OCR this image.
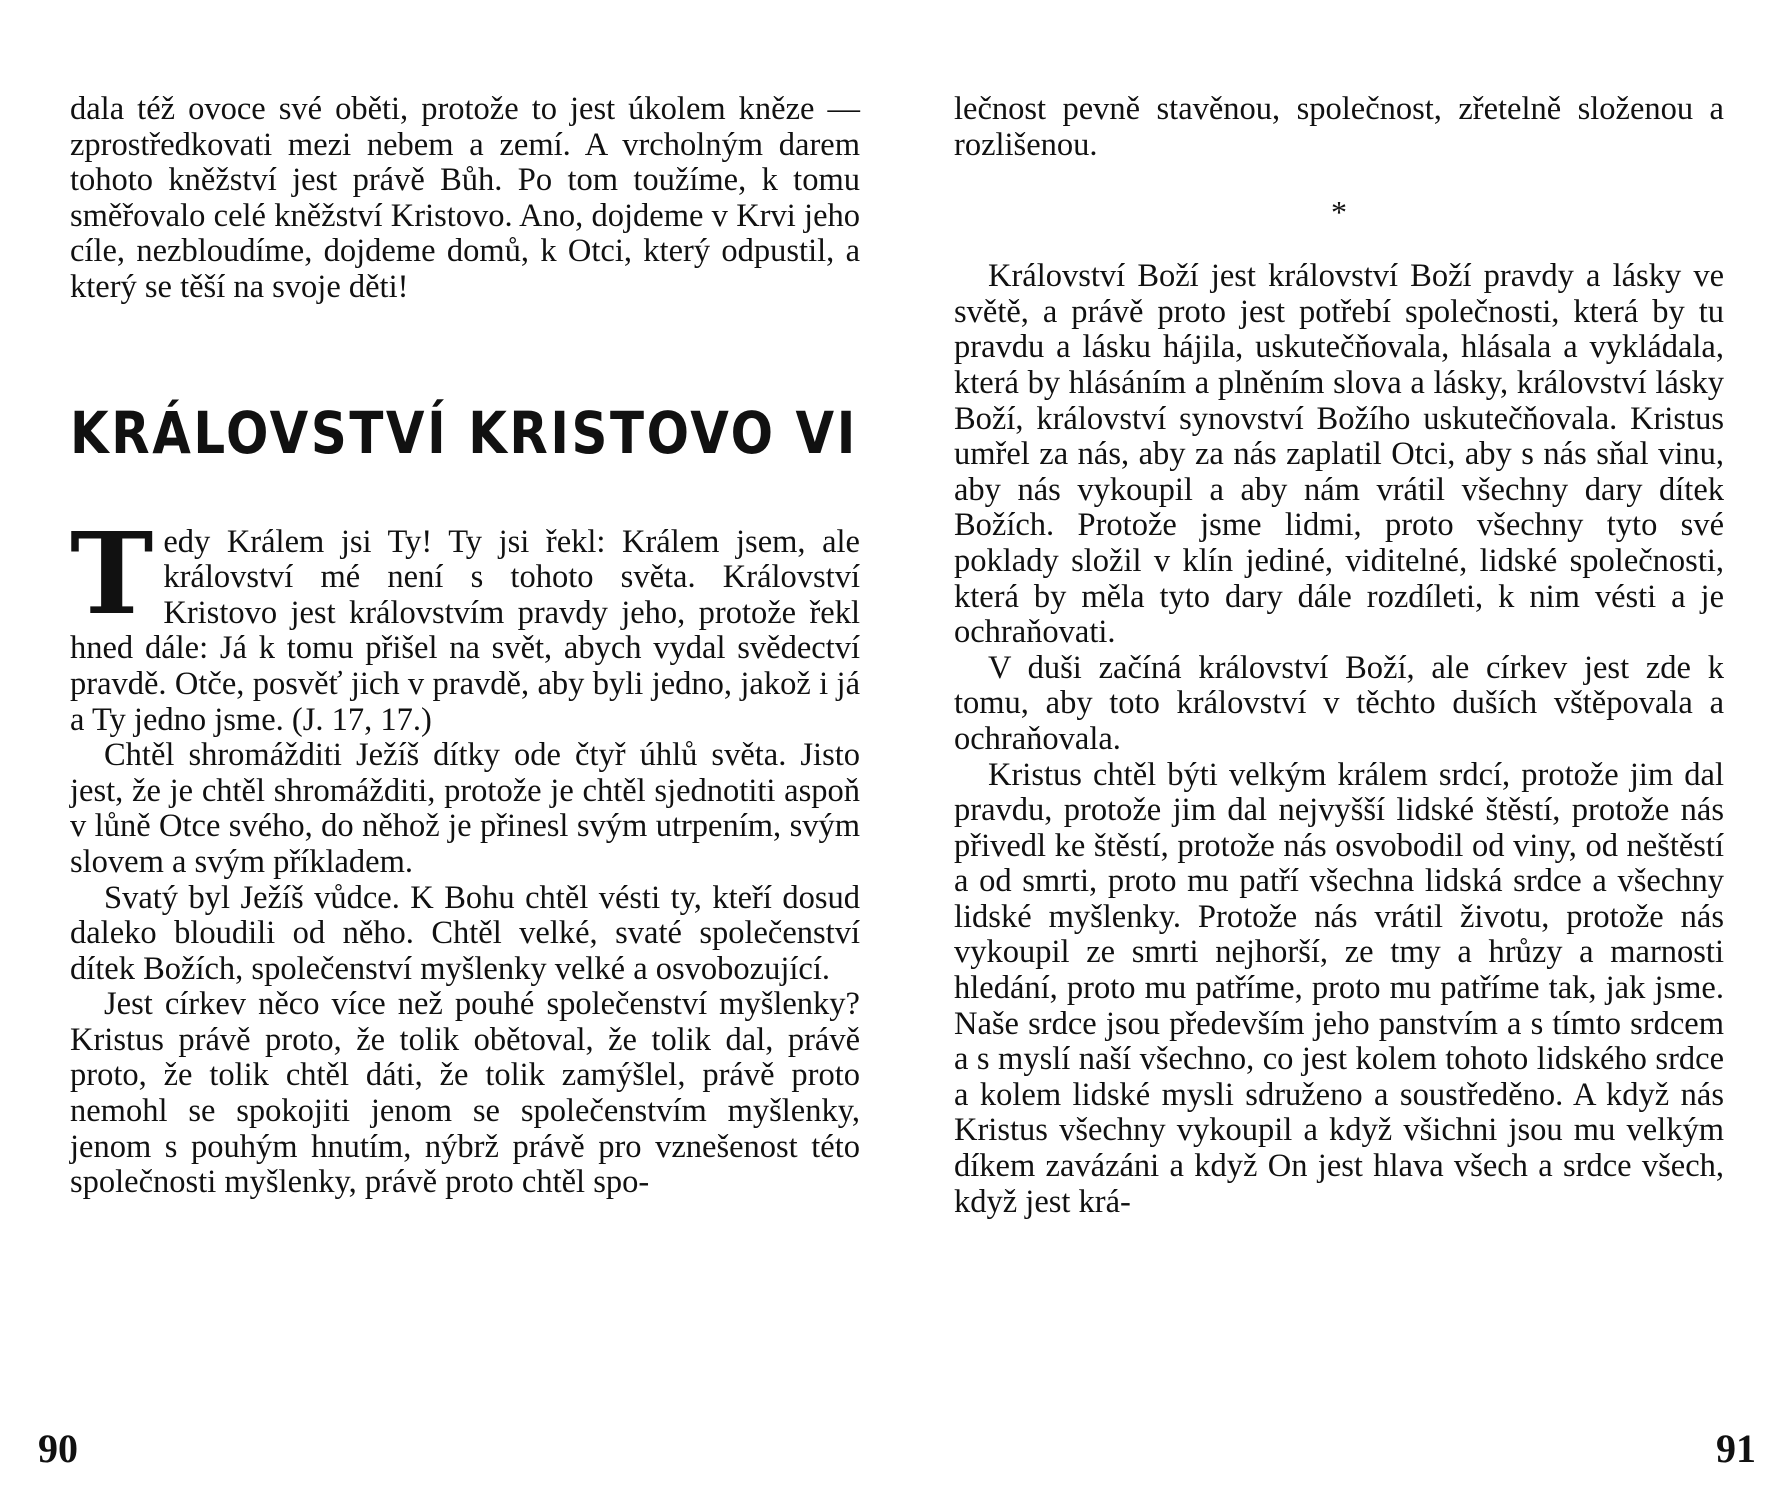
dala též ovoce své oběti, protože to jest úkolem kněze — zprostředkovati mezi nebem a zemí. A vrcholným darem tohoto kněžství jest právě Bůh. Po tom toužíme, k tomu směřovalo celé kněžství Kristovo. Ano, dojdeme v Krvi jeho cíle, nezbloudíme, dojdeme domů, k Otci, který odpustil, a který se těší na svoje děti!

KRÁLOVSTVÍ KRISTOVO VI
T edy Králem jsi Ty! Ty jsi řekl: Králem jsem, ale království mé není s tohoto světa. Království Kristovo jest královstvím pravdy jeho, protože řekl hned dále: Já k tomu přišel na svět, abych vydal svědectví pravdě. Otče, posvěť jich v pravdě, aby byli jedno, jakož i já a Ty jedno jsme. (J. 17, 17.)

Chtěl shromážditi Ježíš dítky ode čtyř úhlů světa. Jisto jest, že je chtěl shromážditi, protože je chtěl sjednotiti aspoň v lůně Otce svého, do něhož je přinesl svým utrpením, svým slovem a svým příkladem.

Svatý byl Ježíš vůdce. K Bohu chtěl vésti ty, kteří dosud daleko bloudili od něho. Chtěl velké, svaté společenství dítek Božích, společenství myšlenky velké a osvobozující.

Jest církev něco více než pouhé společenství myšlenky? Kristus právě proto, že tolik obětoval, že tolik dal, právě proto, že tolik chtěl dáti, že tolik zamýšlel, právě proto nemohl se spokojiti jenom se společenstvím myšlenky, jenom s pouhým hnutím, nýbrž právě pro vznešenost této společnosti myšlenky, právě proto chtěl spo-

90

lečnost pevně stavěnou, společnost, zřetelně složenou a rozlišenou.

*

Království Boží jest království Boží pravdy a lásky ve světě, a právě proto jest potřebí společnosti, která by tu pravdu a lásku hájila, uskutečňovala, hlásala a vykládala, která by hlásáním a plněním slova a lásky, království lásky Boží, království synovství Božího uskutečňovala. Kristus umřel za nás, aby za nás zaplatil Otci, aby s nás sňal vinu, aby nás vykoupil a aby nám vrátil všechny dary dítek Božích. Protože jsme lidmi, proto všechny tyto své poklady složil v klín jediné, viditelné, lidské společnosti, která by měla tyto dary dále rozdíleti, k nim vésti a je ochraňovati.

V duši začíná království Boží, ale církev jest zde k tomu, aby toto království v těchto duších vštěpovala a ochraňovala.

Kristus chtěl býti velkým králem srdcí, protože jim dal pravdu, protože jim dal nejvyšší lidské štěstí, protože nás přivedl ke štěstí, protože nás osvobodil od viny, od neštěstí a od smrti, proto mu patří všechna lidská srdce a všechny lidské myšlenky. Protože nás vrátil životu, protože nás vykoupil ze smrti nejhorší, ze tmy a hrůzy a marnosti hledání, proto mu patříme, proto mu patříme tak, jak jsme. Naše srdce jsou především jeho panstvím a s tímto srdcem a s myslí naší všechno, co jest kolem tohoto lidského srdce a kolem lidské mysli sdruženo a soustředěno. A když nás Kristus všechny vykoupil a když všichni jsou mu velkým díkem zavázáni a když On jest hlava všech a srdce všech, když jest krá-

91
